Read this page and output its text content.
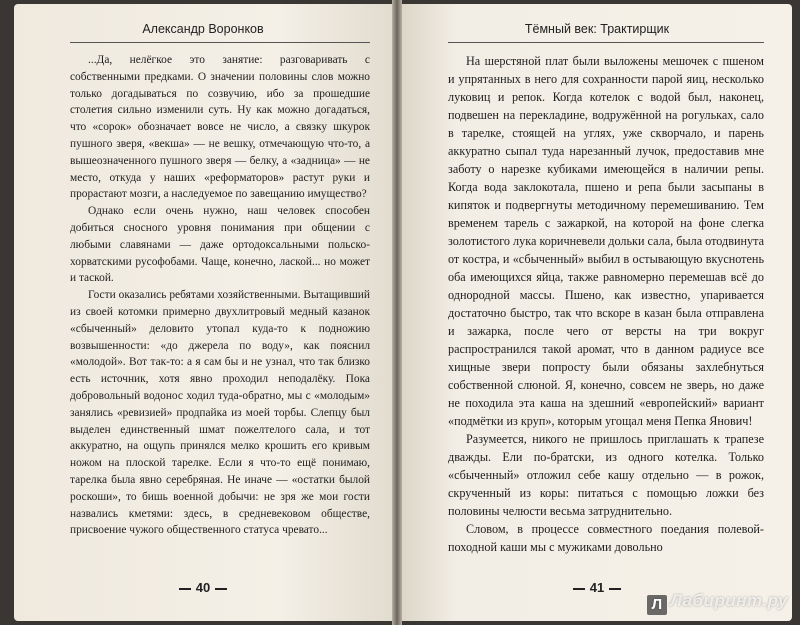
Александр Воронков

...Да, нелёгкое это занятие: разговаривать с собственными предками. О значении половины слов можно только догадываться по созвучию, ибо за прошедшие столетия сильно изменили суть. Ну как можно догадаться, что «сорок» обозначает вовсе не число, а связку шкурок пушного зверя, «векша» — не вешку, отмечающую что-то, а вышеозначенного пушного зверя — белку, а «задница» — не место, откуда у наших «реформаторов» растут руки и прорастают мозги, а наследуемое по завещанию имущество?

Однако если очень нужно, наш человек способен добиться сносного уровня понимания при общении с любыми славянами — даже ортодоксальными польско-хорватскими русофобами. Чаще, конечно, лаской... но может и таской.

Гости оказались ребятами хозяйственными. Вытащивший из своей котомки примерно двухлитровый медный казанок «сбыченный» деловито утопал куда-то к подножию возвышенности: «до джерела по воду», как пояснил «молодой». Вот так-то: а я сам бы и не узнал, что так близко есть источник, хотя явно проходил неподалёку. Пока добровольный водонос ходил туда-обратно, мы с «молодым» занялись «ревизией» продпайка из моей торбы. Слепцу был выделен единственный шмат пожелтелого сала, и тот аккуратно, на ощупь принялся мелко крошить его кривым ножом на плоской тарелке. Если я что-то ещё понимаю, тарелка была явно серебряная. Не иначе — «остатки былой роскоши», то бишь военной добычи: не зря же мои гости назвались кметями: здесь, в средневековом обществе, присвоение чужого общественного статуса чревато...

40
Тёмный век: Трактирщик

На шерстяной плат были выложены мешочек с пшеном и упрятанных в него для сохранности парой яиц, несколько луковиц и репок. Когда котелок с водой был, наконец, подвешен на перекладине, водружённой на рогульках, сало в тарелке, стоящей на углях, уже скворчало, и парень аккуратно сыпал туда нарезанный лучок, предоставив мне заботу о нарезке кубиками имеющейся в наличии репы. Когда вода заклокотала, пшено и репа были засыпаны в кипяток и подвергнуты методичному перемешиванию. Тем временем тарель с зажаркой, на которой на фоне слегка золотистого лука коричневели дольки сала, была отодвинута от костра, и «сбыченный» выбил в остывающую вкуснотень оба имеющихся яйца, также равномерно перемешав всё до однородной массы. Пшено, как известно, упаривается достаточно быстро, так что вскоре в казан была отправлена и зажарка, после чего от версты на три вокруг распространился такой аромат, что в данном радиусе все хищные звери попросту были обязаны захлебнуться собственной слюной. Я, конечно, совсем не зверь, но даже не походила эта каша на здешний «европейский» вариант «подмётки из круп», которым угощал меня Пепка Янович!

Разумеется, никого не пришлось приглашать к трапезе дважды. Ели по-братски, из одного котелка. Только «сбыченный» отложил себе кашу отдельно — в рожок, скрученный из коры: питаться с помощью ложки без половины челюсти весьма затруднительно.

Словом, в процессе совместного поедания полевой-походной каши мы с мужиками довольно

41
Л Лабиринт.ру
